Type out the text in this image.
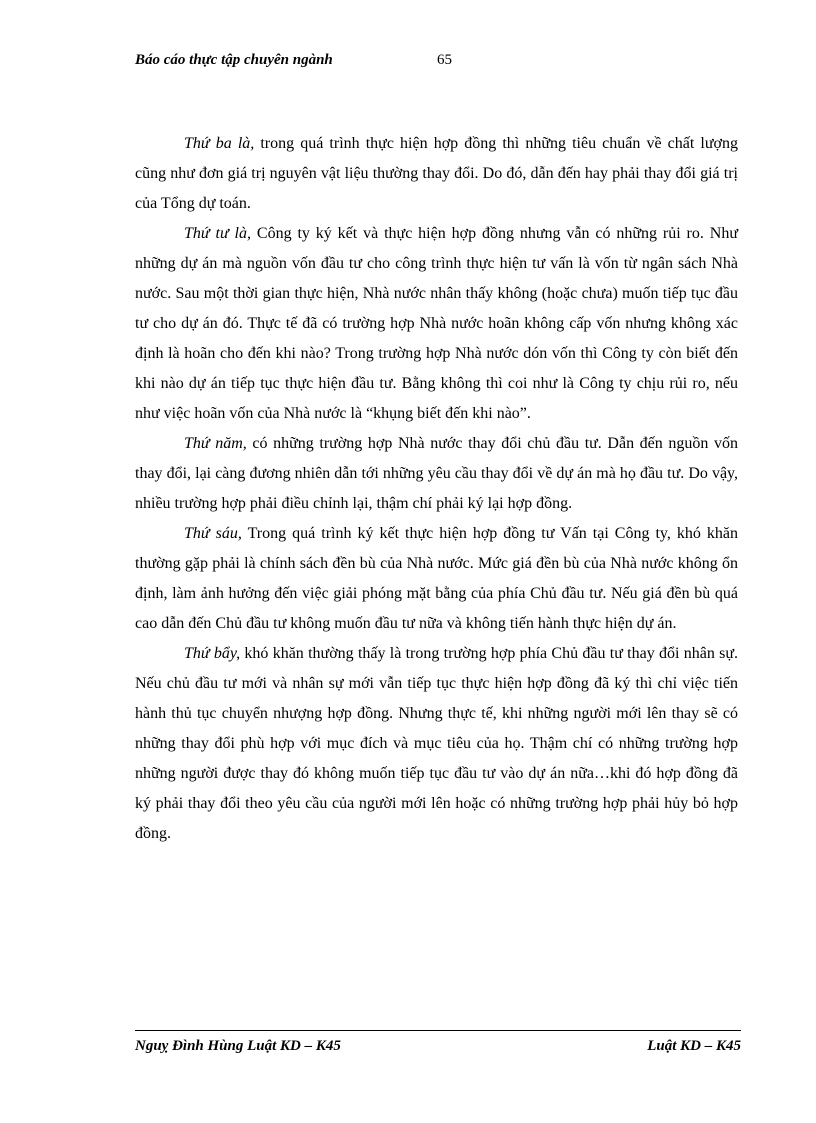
Báo cáo thực tập chuyên ngành	65

Thứ ba là, trong quá trình thực hiện hợp đồng thì những tiêu chuẩn về chất lượng cũng như đơn giá trị nguyên vật liệu thường thay đổi. Do đó, dẫn đến hay phải thay đổi giá trị của Tổng dự toán.

Thứ tư là, Công ty ký kết và thực hiện hợp đồng nhưng vẫn có những rủi ro. Như những dự án mà nguồn vốn đầu tư cho công trình thực hiện tư vấn là vốn từ ngân sách Nhà nước. Sau một thời gian thực hiện, Nhà nước nhân thấy không (hoặc chưa) muốn tiếp tục đầu tư cho dự án đó. Thực tế đã có trường hợp Nhà nước hoãn không cấp vốn nhưng không xác định là hoãn cho đến khi nào? Trong trường hợp Nhà nước dón vốn thì Công ty còn biết đến khi nào dự án tiếp tục thực hiện đầu tư. Bằng không thì coi như là Công ty chịu rủi ro, nếu như việc hoãn vốn của Nhà nước là “khụng biết đến khi nào”.

Thứ năm, có những trường hợp Nhà nước thay đổi chủ đầu tư. Dẫn đến nguồn vốn thay đổi, lại càng đương nhiên dẫn tới những yêu cầu thay đổi về dự án mà họ đầu tư. Do vậy, nhiều trường hợp phải điều chỉnh lại, thậm chí phải ký lại hợp đồng.

Thứ sáu, Trong quá trình ký kết thực hiện hợp đồng tư Vấn tại Công ty, khó khăn thường gặp phải là chính sách đền bù của Nhà nước. Mức giá đền bù của Nhà nước không ổn định, làm ảnh hưởng đến việc giải phóng mặt bằng của phía Chủ đầu tư. Nếu giá đền bù quá cao dẫn đến Chủ đầu tư không muốn đầu tư nữa và không tiến hành thực hiện dự án.

Thứ bẩy, khó khăn thường thấy là trong trường hợp phía Chủ đầu tư thay đổi nhân sự. Nếu chủ đầu tư mới và nhân sự mới vẫn tiếp tục thực hiện hợp đồng đã ký thì chỉ việc tiến hành thủ tục chuyển nhượng hợp đồng. Nhưng thực tế, khi những người mới lên thay sẽ có những thay đổi phù hợp với mục đích và mục tiêu của họ. Thậm chí có những trường hợp những người được thay đó không muốn tiếp tục đầu tư vào dự án nữa…khi đó hợp đồng đã ký phải thay đổi theo yêu cầu của người mới lên hoặc có những trường hợp phải hủy bỏ hợp đồng.

Nguỵ Đình Hùng Luật KD – K45	Luật KD – K45
